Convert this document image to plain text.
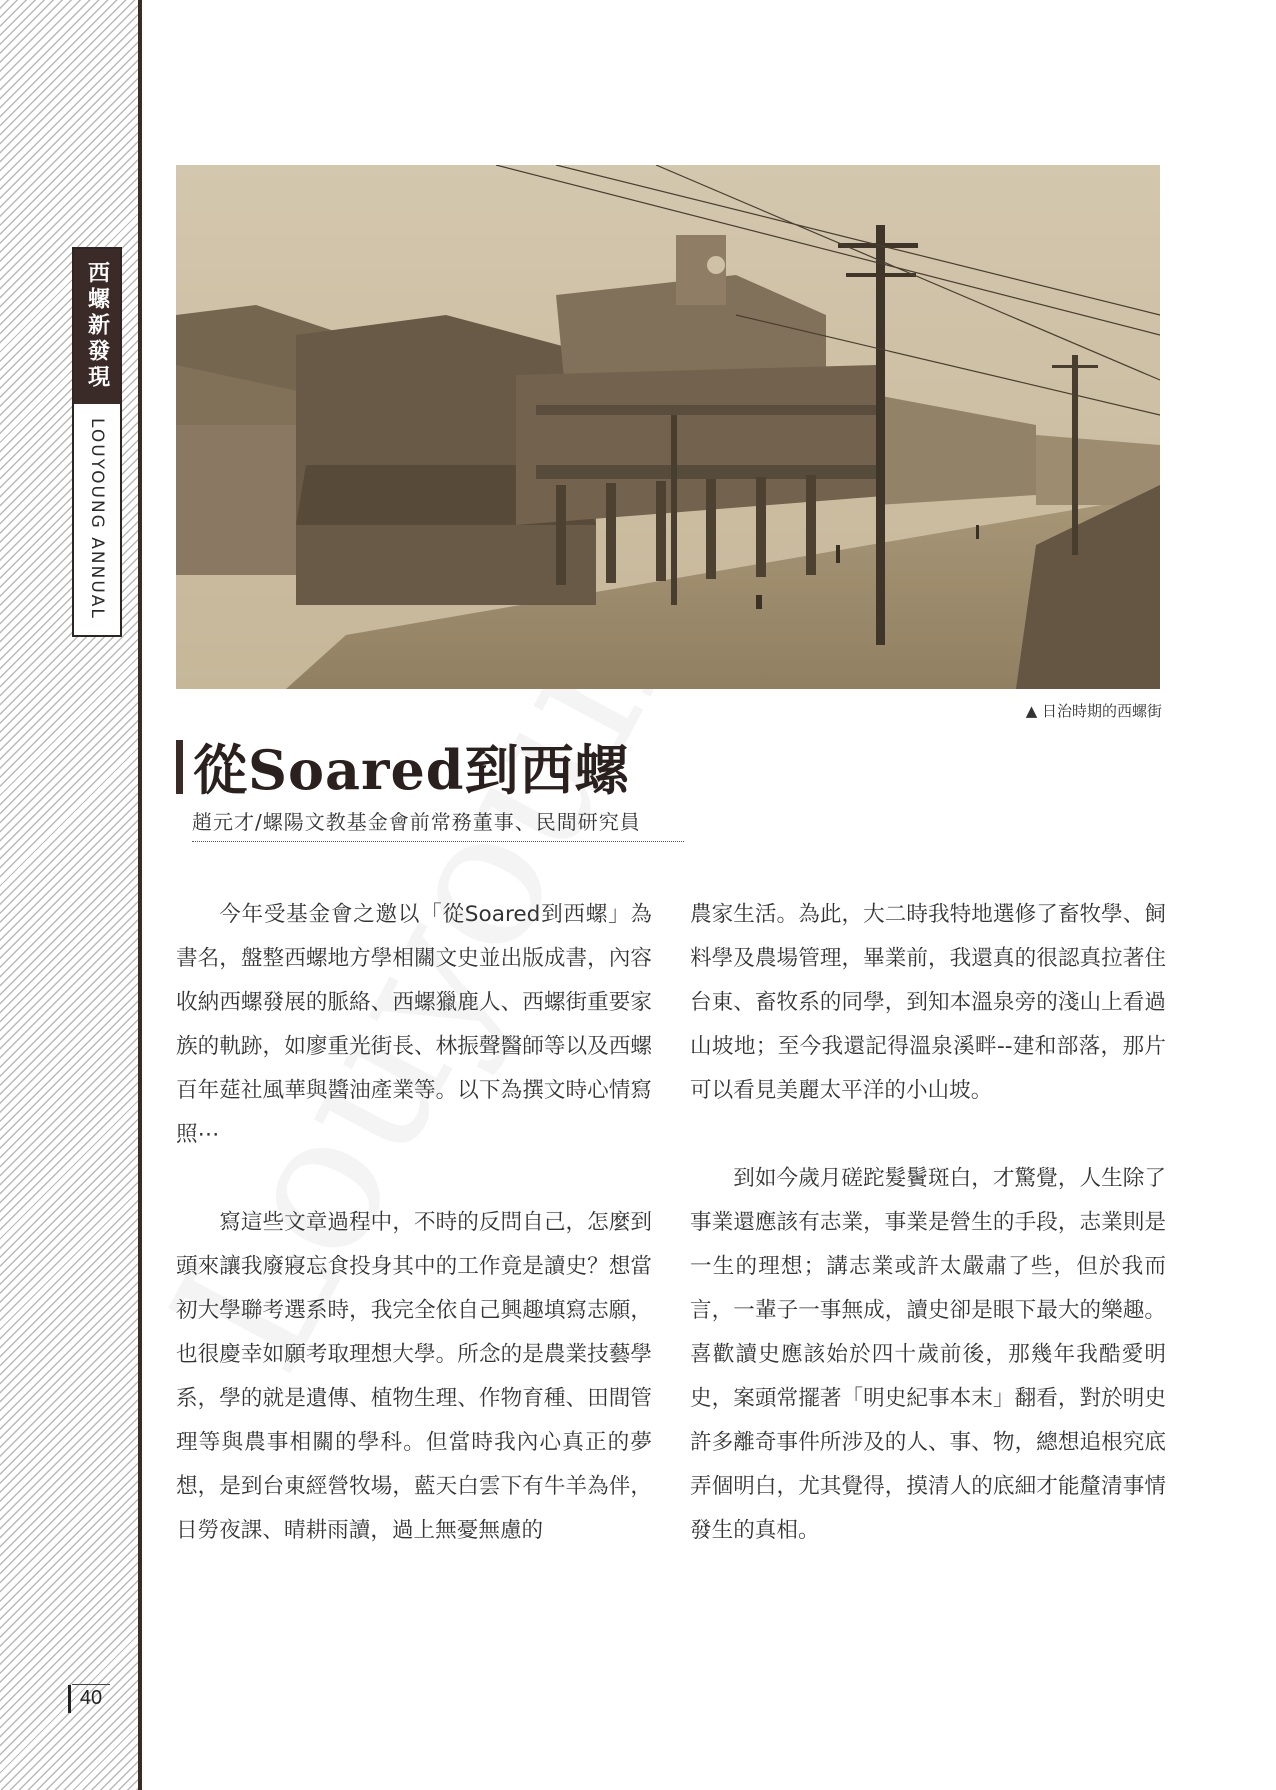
西螺新發現
LOUYOUNG ANNUAL
▲ 日治時期的西螺街
從Soared到西螺
趙元才/螺陽文教基金會前常務董事、民間研究員

今年受基金會之邀以「從Soared到西螺」為書名，盤整西螺地方學相關文史並出版成書，內容收納西螺發展的脈絡、西螺獵鹿人、西螺街重要家族的軌跡，如廖重光街長、林振聲醫師等以及西螺百年莚社風華與醬油產業等。以下為撰文時心情寫照⋯

寫這些文章過程中，不時的反問自己，怎麼到頭來讓我廢寢忘食投身其中的工作竟是讀史？想當初大學聯考選系時，我完全依自己興趣填寫志願，也很慶幸如願考取理想大學。所念的是農業技藝學系，學的就是遺傳、植物生理、作物育種、田間管理等與農事相關的學科。但當時我內心真正的夢想，是到台東經營牧場，藍天白雲下有牛羊為伴，日勞夜課、晴耕雨讀，過上無憂無慮的

農家生活。為此，大二時我特地選修了畜牧學、飼料學及農場管理，畢業前，我還真的很認真拉著住台東、畜牧系的同學，到知本溫泉旁的淺山上看過山坡地；至今我還記得溫泉溪畔--建和部落，那片可以看見美麗太平洋的小山坡。

到如今歲月磋跎髮鬢斑白，才驚覺，人生除了事業還應該有志業，事業是營生的手段，志業則是一生的理想；講志業或許太嚴肅了些，但於我而言，一輩子一事無成，讀史卻是眼下最大的樂趣。喜歡讀史應該始於四十歲前後，那幾年我酷愛明史，案頭常擺著「明史紀事本末」翻看，對於明史許多離奇事件所涉及的人、事、物，總想追根究底弄個明白，尤其覺得，摸清人的底細才能釐清事情發生的真相。

40
